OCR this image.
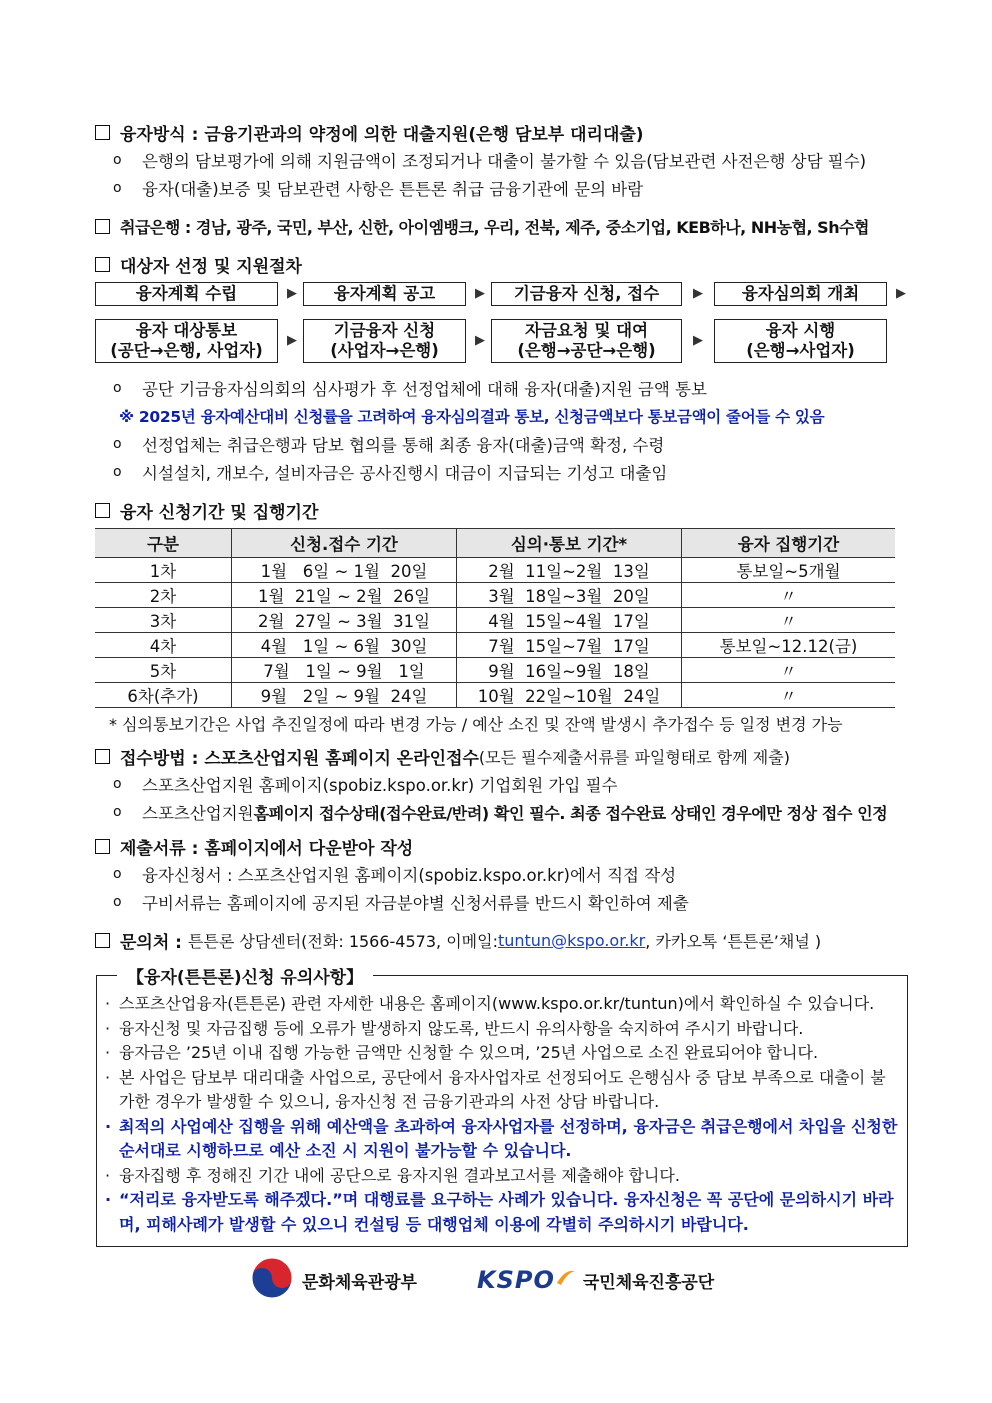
융자방식 : 금융기관과의 약정에 의한 대출지원(은행 담보부 대리대출)
o 은행의 담보평가에 의해 지원금액이 조정되거나 대출이 불가할 수 있음(담보관련 사전은행 상담 필수)
o 융자(대출)보증 및 담보관련 사항은 튼튼론 취급 금융기관에 문의 바람
취급은행 : 경남, 광주, 국민, 부산, 신한, 아이엠뱅크, 우리, 전북, 제주, 중소기업, KEB하나, NH농협, Sh수협
대상자 선정 및 지원절차
융자계획 수립	▶ 융자계획 공고	▶ 기금융자 신청, 접수	▶ 융자심의회 개최	▶
융자 대상통보
(공단→은행, 사업자)
▶
기금융자 신청
(사업자→은행)
▶
자금요청 및 대여
(은행→공단→은행)
▶
융자 시행
(은행→사업자)
o 공단 기금융자심의회의 심사평가 후 선정업체에 대해 융자(대출)지원 금액 통보
※ 2025년 융자예산대비 신청률을 고려하여 융자심의결과 통보, 신청금액보다 통보금액이 줄어들 수 있음
o 선정업체는 취급은행과 담보 협의를 통해 최종 융자(대출)금액 확정, 수령
o 시설설치, 개보수, 설비자금은 공사진행시 대금이 지급되는 기성고 대출임
융자 신청기간 및 집행기간
구분	신청.접수 기간	심의·통보 기간*	융자 집행기간
1차	1월   6일 ~ 1월  20일	2월  11일~2월  13일	통보일~5개월
2차	1월  21일 ~ 2월  26일	3월  18일~3월  20일	〃
3차	2월  27일 ~ 3월  31일	4월  15일~4월  17일	〃
4차	4월   1일 ~ 6월  30일	7월  15일~7월  17일	통보일~12.12(금)
5차	7월   1일 ~ 9월   1일	9월  16일~9월  18일	〃
6차(추가)	9월   2일 ~ 9월  24일	10월  22일~10월  24일	〃
* 심의통보기간은 사업 추진일정에 따라 변경 가능 / 예산 소진 및 잔액 발생시 추가접수 등 일정 변경 가능
접수방법 : 스포츠산업지원 홈페이지 온라인접수 (모든 필수제출서류를 파일형태로 함께 제출)
o 스포츠산업지원 홈페이지(spobiz.kspo.or.kr) 기업회원 가입 필수
o 스포츠산업지원 홈페이지 접수상태(접수완료/반려) 확인 필수. 최종 접수완료 상태인 경우에만 정상 접수 인정
제출서류 : 홈페이지에서 다운받아 작성
o 융자신청서 : 스포츠산업지원 홈페이지(spobiz.kspo.or.kr)에서 직접 작성
o 구비서류는 홈페이지에 공지된 자금분야별 신청서류를 반드시 확인하여 제출
문의처 : 튼튼론 상담센터(전화: 1566-4573, 이메일: tuntun@kspo.or.kr , 카카오톡 ‘튼튼론’채널 )
【융자(튼튼론)신청 유의사항】
· 스포츠산업융자(튼튼론) 관련 자세한 내용은 홈페이지(www.kspo.or.kr/tuntun)에서 확인하실 수 있습니다.
· 융자신청 및 자금집행 등에 오류가 발생하지 않도록, 반드시 유의사항을 숙지하여 주시기 바랍니다.
· 융자금은 ’25년 이내 집행 가능한 금액만 신청할 수 있으며, ’25년 사업으로 소진 완료되어야 합니다.
· 본 사업은 담보부 대리대출 사업으로, 공단에서 융자사업자로 선정되어도 은행심사 중 담보 부족으로 대출이 불가한 경우가 발생할 수 있으니, 융자신청 전 금융기관과의 사전 상담 바랍니다.
· 최적의 사업예산 집행을 위해 예산액을 초과하여 융자사업자를 선정하며, 융자금은 취급은행에서 차입을 신청한 순서대로 시행하므로 예산 소진 시 지원이 불가능할 수 있습니다.
· 융자집행 후 정해진 기간 내에 공단으로 융자지원 결과보고서를 제출해야 합니다.
· “저리로 융자받도록 해주겠다.”며 대행료를 요구하는 사례가 있습니다. 융자신청은 꼭 공단에 문의하시기 바라며, 피해사례가 발생할 수 있으니 컨설팅 등 대행업체 이용에 각별히 주의하시기 바랍니다.
문화체육관광부	KSPO 국민체육진흥공단
